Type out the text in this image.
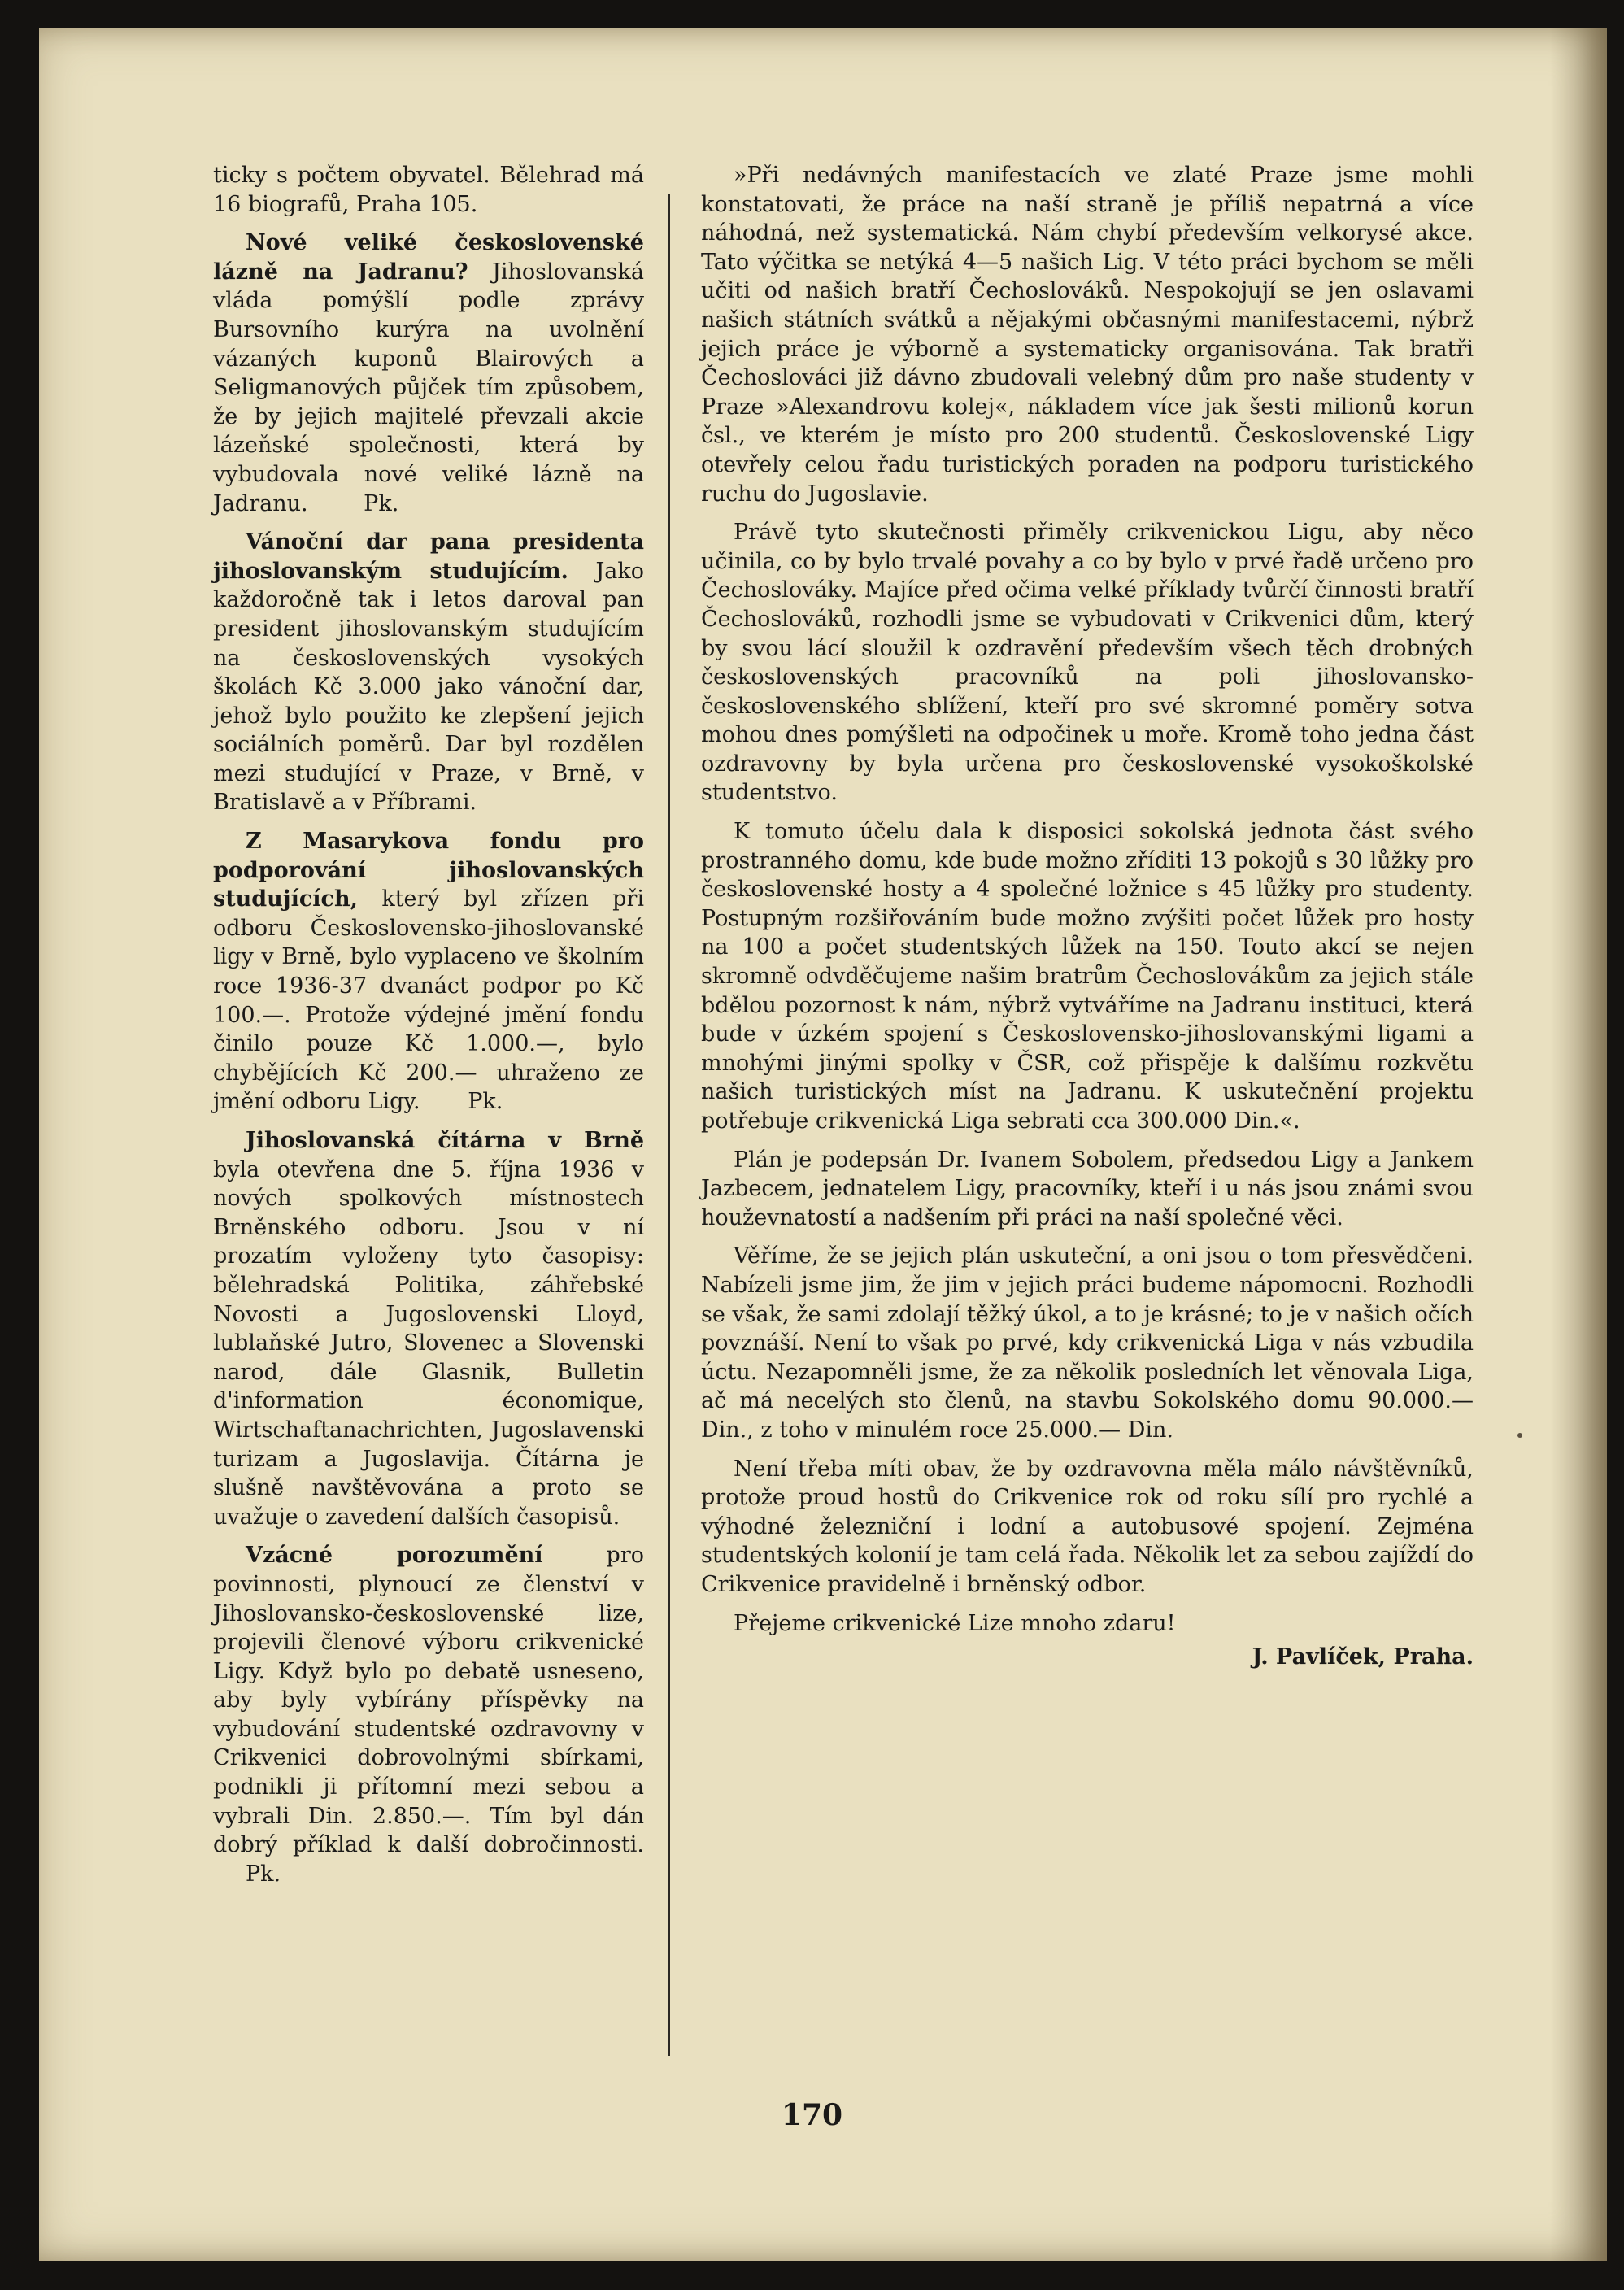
ticky s počtem obyvatel. Bělehrad má 16 biografů, Praha 105.

Nové veliké československé lázně na Jadranu? Jihoslovanská vláda pomýšlí podle zprávy Bursovního kurýra na uvolnění vázaných kuponů Blairových a Seligmanových půjček tím způsobem, že by jejich majitelé převzali akcie lázeňské společnosti, která by vybudovala nové veliké lázně na Jadranu.	Pk.

Vánoční dar pana presidenta jihoslovanským studujícím. Jako každoročně tak i letos daroval pan president jihoslovanským studujícím na československých vysokých školách Kč 3.000 jako vánoční dar, jehož bylo použito ke zlepšení jejich sociálních poměrů. Dar byl rozdělen mezi studující v Praze, v Brně, v Bratislavě a v Příbrami.

Z Masarykova fondu pro podporování jihoslovanských studujících, který byl zřízen při odboru Československo-jihoslovanské ligy v Brně, bylo vyplaceno ve školním roce 1936-37 dvanáct podpor po Kč 100.—. Protože výdejné jmění fondu činilo pouze Kč 1.000.—, bylo chybějících Kč 200.— uhraženo ze jmění odboru Ligy. Pk.

Jihoslovanská čítárna v Brně byla otevřena dne 5. října 1936 v nových spolkových místnostech Brněnského odboru. Jsou v ní prozatím vyloženy tyto časopisy: bělehradská Politika, záhřebské Novosti a Jugoslovenski Lloyd, lublaňské Jutro, Slovenec a Slovenski narod, dále Glasnik, Bulletin d'information économique, Wirtschaftanachrichten, Jugoslavenski turizam a Jugoslavija. Čítárna je slušně navštěvována a proto se uvažuje o zavedení dalších časopisů.

Vzácné porozumění pro povinnosti, plynoucí ze členství v Jihoslovansko-československé lize, projevili členové výboru crikvenické Ligy. Když bylo po debatě usneseno, aby byly vybírány příspěvky na vybudování studentské ozdravovny v Crikvenici dobrovolnými sbírkami, podnikli ji přítomní mezi sebou a vybrali Din. 2.850.—. Tím byl dán dobrý příklad k další dobročinnosti. Pk.

»Při nedávných manifestacích ve zlaté Praze jsme mohli konstatovati, že práce na naší straně je příliš nepatrná a více náhodná, než systematická. Nám chybí především velkorysé akce. Tato výčitka se netýká 4—5 našich Lig. V této práci bychom se měli učiti od našich bratří Čechoslováků. Nespokojují se jen oslavami našich státních svátků a nějakými občasnými manifestacemi, nýbrž jejich práce je výborně a systematicky organisována. Tak bratři Čechoslováci již dávno zbudovali velebný dům pro naše studenty v Praze »Alexandrovu kolej«, nákladem více jak šesti milionů korun čsl., ve kterém je místo pro 200 studentů. Československé Ligy otevřely celou řadu turistických poraden na podporu turistického ruchu do Jugoslavie.

Právě tyto skutečnosti přiměly crikvenickou Ligu, aby něco učinila, co by bylo trvalé povahy a co by bylo v prvé řadě určeno pro Čechoslováky. Majíce před očima velké příklady tvůrčí činnosti bratří Čechoslováků, rozhodli jsme se vybudovati v Crikvenici dům, který by svou lácí sloužil k ozdravění především všech těch drobných československých pracovníků na poli jihoslovansko-československého sblížení, kteří pro své skromné poměry sotva mohou dnes pomýšleti na odpočinek u moře. Kromě toho jedna část ozdravovny by byla určena pro československé vysokoškolské studentstvo.

K tomuto účelu dala k disposici sokolská jednota část svého prostranného domu, kde bude možno zříditi 13 pokojů s 30 lůžky pro československé hosty a 4 společné ložnice s 45 lůžky pro studenty. Postupným rozšiřováním bude možno zvýšiti počet lůžek pro hosty na 100 a počet studentských lůžek na 150. Touto akcí se nejen skromně odvděčujeme našim bratrům Čechoslovákům za jejich stále bdělou pozornost k nám, nýbrž vytváříme na Jadranu instituci, která bude v úzkém spojení s Československo-jihoslovanskými ligami a mnohými jinými spolky v ČSR, což přispěje k dalšímu rozkvětu našich turistických míst na Jadranu. K uskutečnění projektu potřebuje crikvenická Liga sebrati cca 300.000 Din.«.

Plán je podepsán Dr. Ivanem Sobolem, předsedou Ligy a Jankem Jazbecem, jednatelem Ligy, pracovníky, kteří i u nás jsou známi svou houževnatostí a nadšením při práci na naší společné věci.

Věříme, že se jejich plán uskuteční, a oni jsou o tom přesvědčeni. Nabízeli jsme jim, že jim v jejich práci budeme nápomocni. Rozhodli se však, že sami zdolají těžký úkol, a to je krásné; to je v našich očích povznáší. Není to však po prvé, kdy crikvenická Liga v nás vzbudila úctu. Nezapomněli jsme, že za několik posledních let věnovala Liga, ač má necelých sto členů, na stavbu Sokolského domu 90.000.— Din., z toho v minulém roce 25.000.— Din.

Není třeba míti obav, že by ozdravovna měla málo návštěvníků, protože proud hostů do Crikvenice rok od roku sílí pro rychlé a výhodné železniční i lodní a autobusové spojení. Zejména studentských kolonií je tam celá řada. Několik let za sebou zajíždí do Crikvenice pravidelně i brněnský odbor.

Přejeme crikvenické Lize mnoho zdaru!

J. Pavlíček, Praha.

170
